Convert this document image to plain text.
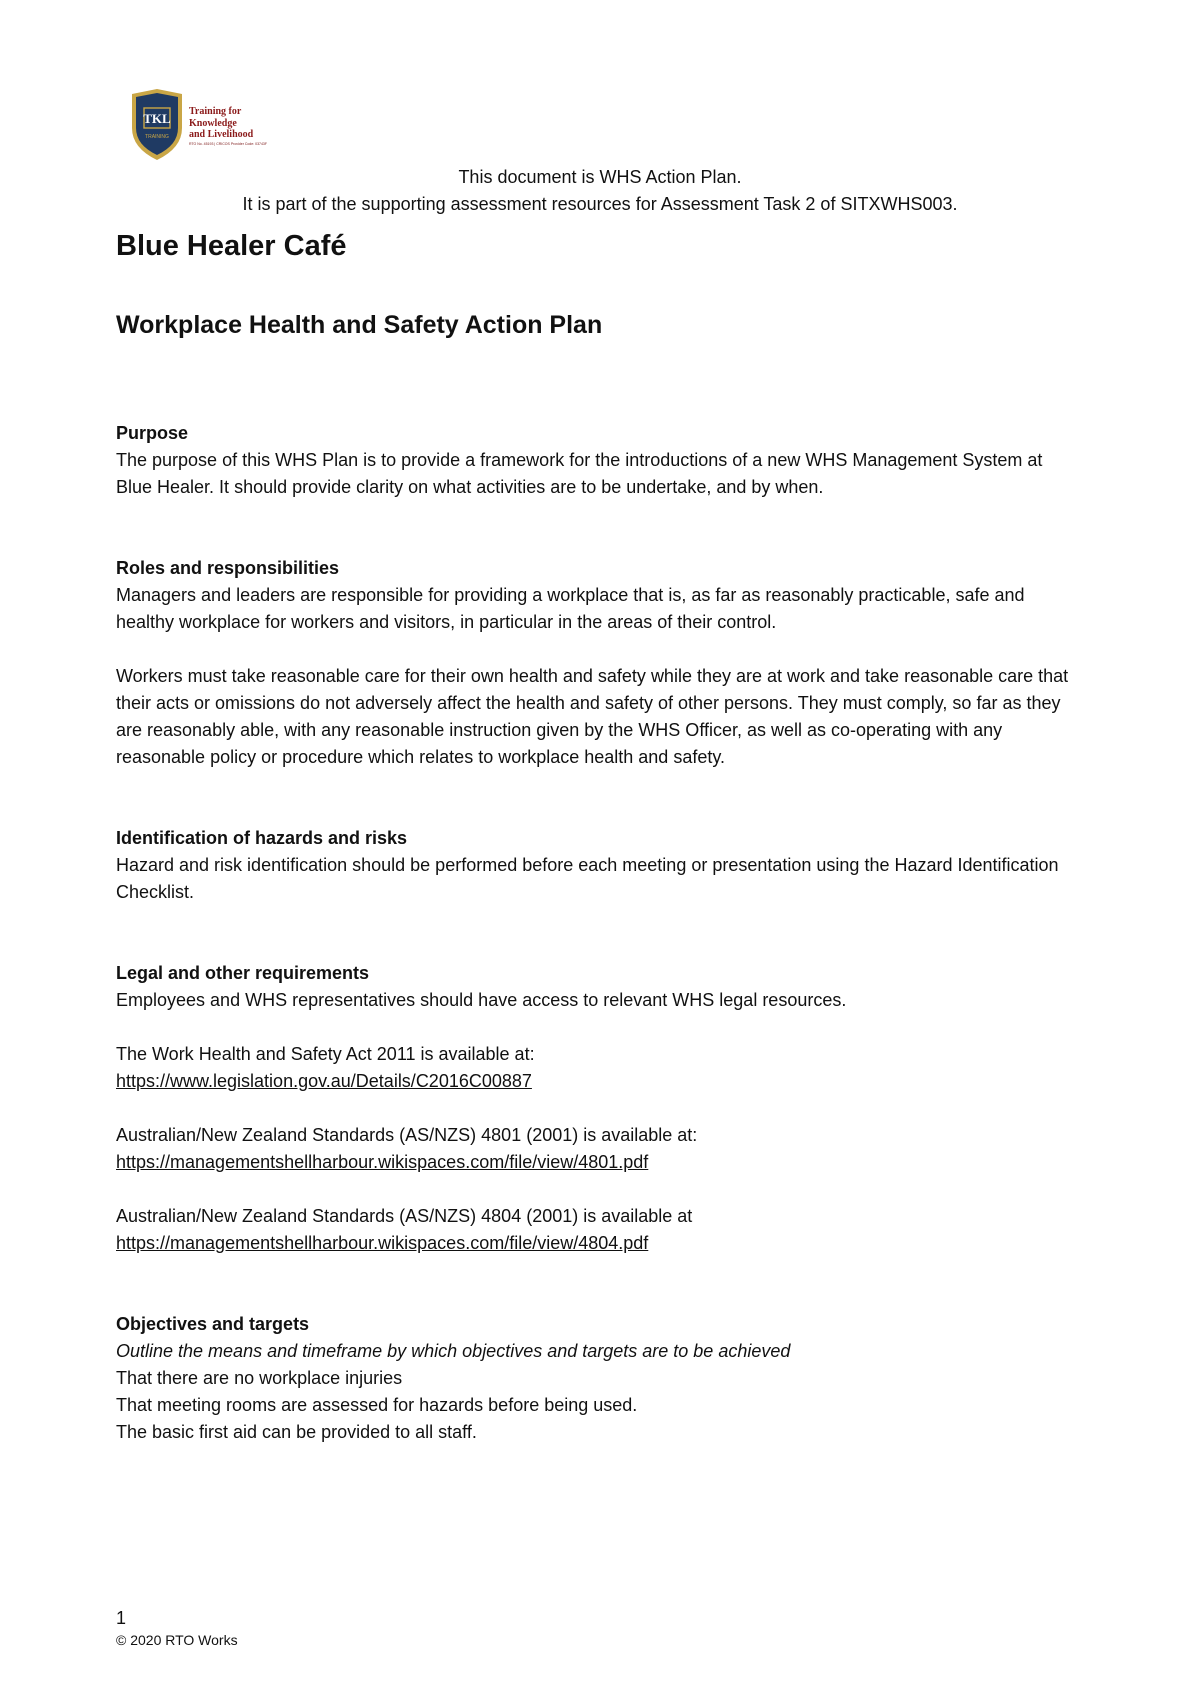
TKL
TRAINING
Training for
Knowledge
and Livelihood
RTO No. 45193 | CRICOS Provider Code: 03743F
This document is WHS Action Plan.
It is part of the supporting assessment resources for Assessment Task 2 of SITXWHS003.
Blue Healer Café
Workplace Health and Safety Action Plan
Purpose

The purpose of this WHS Plan is to provide a framework for the introductions of a new WHS Management System at Blue Healer. It should provide clarity on what activities are to be undertake, and by when.

Roles and responsibilities

Managers and leaders are responsible for providing a workplace that is, as far as reasonably practicable, safe and healthy workplace for workers and visitors, in particular in the areas of their control.

Workers must take reasonable care for their own health and safety while they are at work and take reasonable care that their acts or omissions do not adversely affect the health and safety of other persons. They must comply, so far as they are reasonably able, with any reasonable instruction given by the WHS Officer, as well as co-operating with any reasonable policy or procedure which relates to workplace health and safety.

Identification of hazards and risks

Hazard and risk identification should be performed before each meeting or presentation using the Hazard Identification Checklist.

Legal and other requirements

Employees and WHS representatives should have access to relevant WHS legal resources.

The Work Health and Safety Act 2011 is available at:

https://www.legislation.gov.au/Details/C2016C00887

Australian/New Zealand Standards (AS/NZS) 4801 (2001) is available at:

https://managementshellharbour.wikispaces.com/file/view/4801.pdf

Australian/New Zealand Standards (AS/NZS) 4804 (2001) is available at

https://managementshellharbour.wikispaces.com/file/view/4804.pdf

Objectives and targets

Outline the means and timeframe by which objectives and targets are to be achieved

That there are no workplace injuries

That meeting rooms are assessed for hazards before being used.

The basic first aid can be provided to all staff.

1
© 2020 RTO Works
